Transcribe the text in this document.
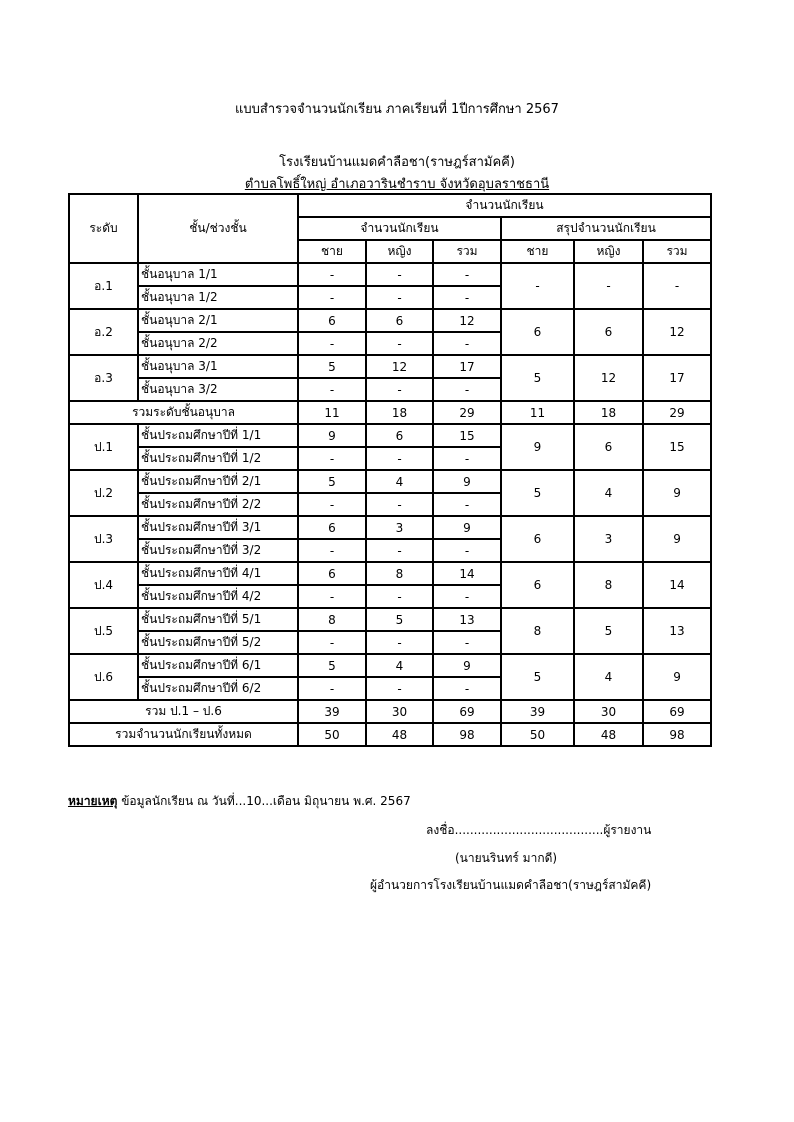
แบบสำรวจจำนวนนักเรียน ภาคเรียนที่ 1ปีการศึกษา 2567
โรงเรียนบ้านแมดคำลือชา(ราษฎร์สามัคคี)
ตำบลโพธิ์ใหญ่ อำเภอวารินชำราบ จังหวัดอุบลราชธานี
ระดับ	ชั้น/ช่วงชั้น	จำนวนนักเรียน					
		จำนวนนักเรียน			สรุปจำนวนนักเรียน		
		ชาย	หญิง	รวม	ชาย	หญิง	รวม
อ.1	ชั้นอนุบาล 1/1	-	-	-	-	-	-
	ชั้นอนุบาล 1/2	-	-	-			
อ.2	ชั้นอนุบาล 2/1	6	6	12	6	6	12
	ชั้นอนุบาล 2/2	-	-	-			
อ.3	ชั้นอนุบาล 3/1	5	12	17	5	12	17
	ชั้นอนุบาล 3/2	-	-	-			
รวมระดับชั้นอนุบาล		11	18	29	11	18	29
ป.1	ชั้นประถมศึกษาปีที่ 1/1	9	6	15	9	6	15
	ชั้นประถมศึกษาปีที่ 1/2	-	-	-			
ป.2	ชั้นประถมศึกษาปีที่ 2/1	5	4	9	5	4	9
	ชั้นประถมศึกษาปีที่ 2/2	-	-	-			
ป.3	ชั้นประถมศึกษาปีที่ 3/1	6	3	9	6	3	9
	ชั้นประถมศึกษาปีที่ 3/2	-	-	-			
ป.4	ชั้นประถมศึกษาปีที่ 4/1	6	8	14	6	8	14
	ชั้นประถมศึกษาปีที่ 4/2	-	-	-			
ป.5	ชั้นประถมศึกษาปีที่ 5/1	8	5	13	8	5	13
	ชั้นประถมศึกษาปีที่ 5/2	-	-	-			
ป.6	ชั้นประถมศึกษาปีที่ 6/1	5	4	9	5	4	9
	ชั้นประถมศึกษาปีที่ 6/2	-	-	-			
รวม ป.1 – ป.6		39	30	69	39	30	69
รวมจำนวนนักเรียนทั้งหมด		50	48	98	50	48	98
หมายเหตุ ข้อมูลนักเรียน ณ วันที่...10...เดือน มิถุนายน พ.ศ. 2567
ลงชื่อ.......................................ผู้รายงาน
(นายนรินทร์ มากดี)
ผู้อำนวยการโรงเรียนบ้านแมดคำลือชา(ราษฎร์สามัคคี)
